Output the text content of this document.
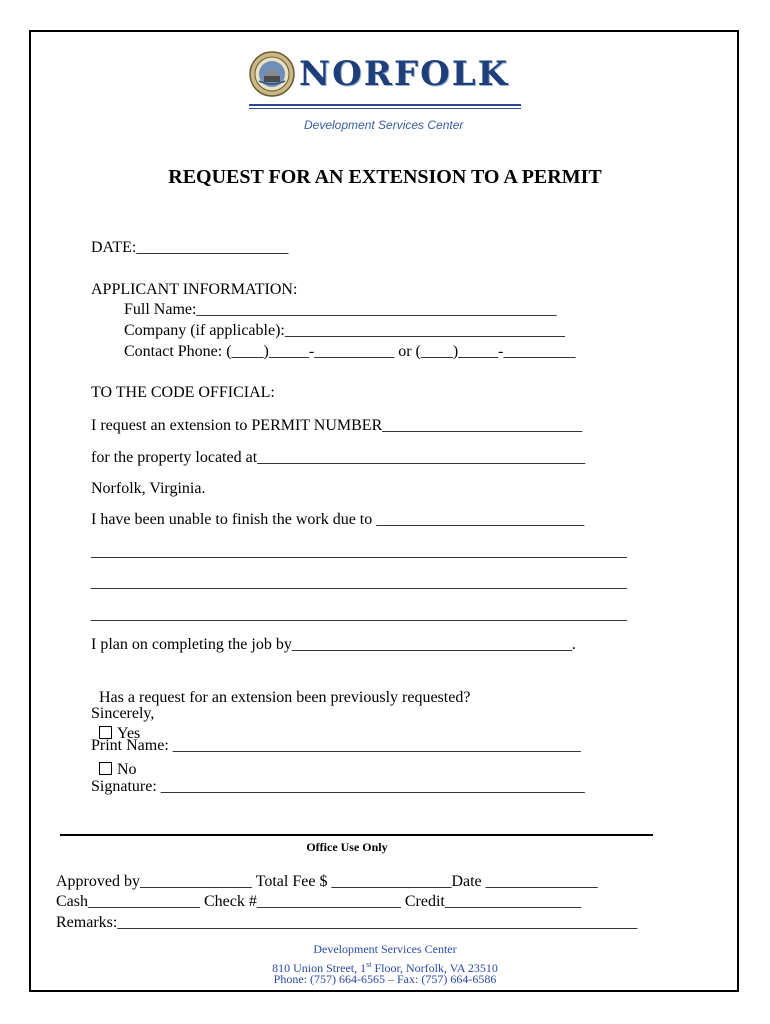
NORFOLK
Development Services Center
REQUEST FOR AN EXTENSION TO A PERMIT
DATE:___________________
APPLICANT INFORMATION:
Full Name:_____________________________________________
Company (if applicable):___________________________________
Contact Phone: (____)_____-__________ or (____)_____-_________
TO THE CODE OFFICIAL:
I request an extension to PERMIT NUMBER_________________________
for the property located at_________________________________________
Norfolk, Virginia.
I have been unable to finish the work due to __________________________
___________________________________________________________________
___________________________________________________________________
___________________________________________________________________
I plan on completing the job by___________________________________.

Has a request for an extension been previously requested?

Yes

No

Sincerely,
Print Name: ___________________________________________________
Signature: _____________________________________________________
Office Use Only
Approved by______________ Total Fee $ _______________Date ______________
Cash______________ Check #__________________ Credit_________________
Remarks:_________________________________________________________________
Development Services Center
810 Union Street, 1st Floor, Norfolk, VA 23510
Phone: (757) 664-6565 – Fax: (757) 664-6586
